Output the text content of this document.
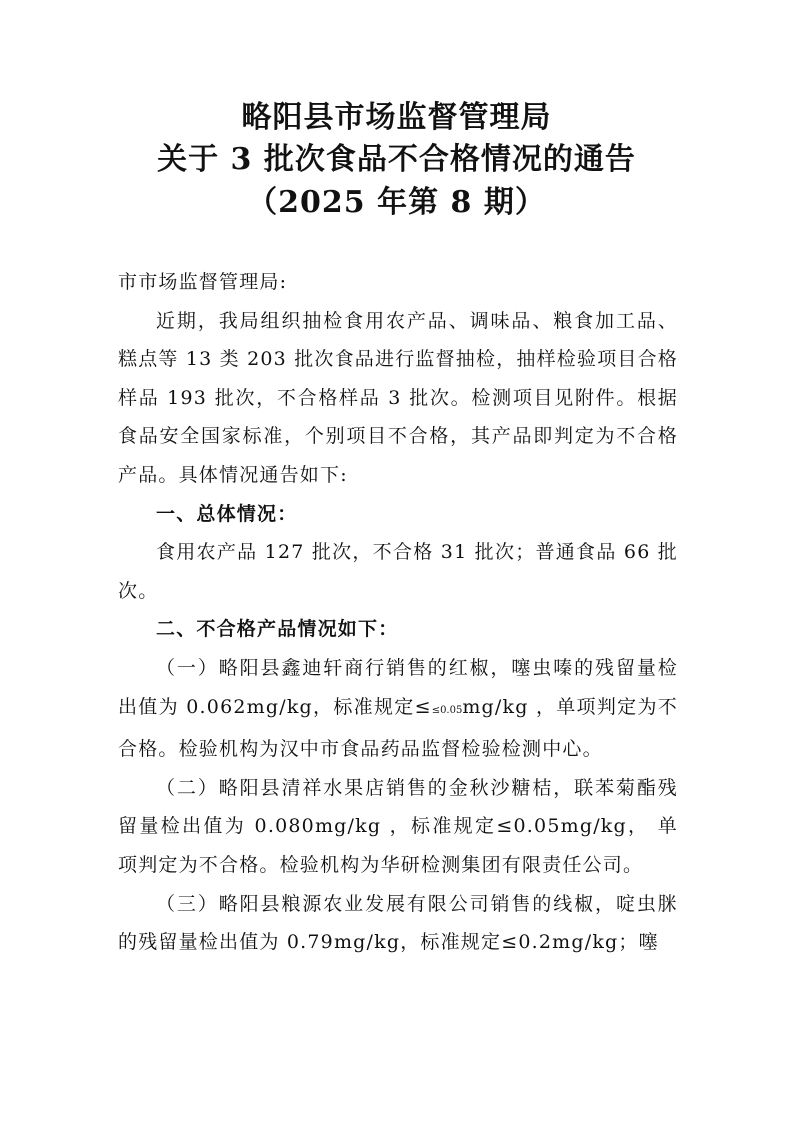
略阳县市场监督管理局
关于 3 批次食品不合格情况的通告
（2025 年第 8 期）

市市场监督管理局:

近期，我局组织抽检食用农产品、调味品、粮食加工品、糕点等 13 类 203 批次食品进行监督抽检，抽样检验项目合格样品 193 批次，不合格样品 3 批次。检测项目见附件。根据食品安全国家标准，个别项目不合格，其产品即判定为不合格产品。具体情况通告如下:

一、总体情况：

食用农产品 127 批次，不合格 31 批次；普通食品 66 批次。

二、不合格产品情况如下：

（一）略阳县鑫迪轩商行销售的红椒，噻虫嗪的残留量检出值为 0.062mg/kg，标准规定≤≤0.05mg/kg ，单项判定为不合格。检验机构为汉中市食品药品监督检验检测中心。

（二）略阳县清祥水果店销售的金秋沙糖桔，联苯菊酯残留量检出值为 0.080mg/kg ，标准规定≤0.05mg/kg， 单项判定为不合格。检验机构为华研检测集团有限责任公司。

（三）略阳县粮源农业发展有限公司销售的线椒，啶虫脒的残留量检出值为 0.79mg/kg，标准规定≤0.2mg/kg；噻
